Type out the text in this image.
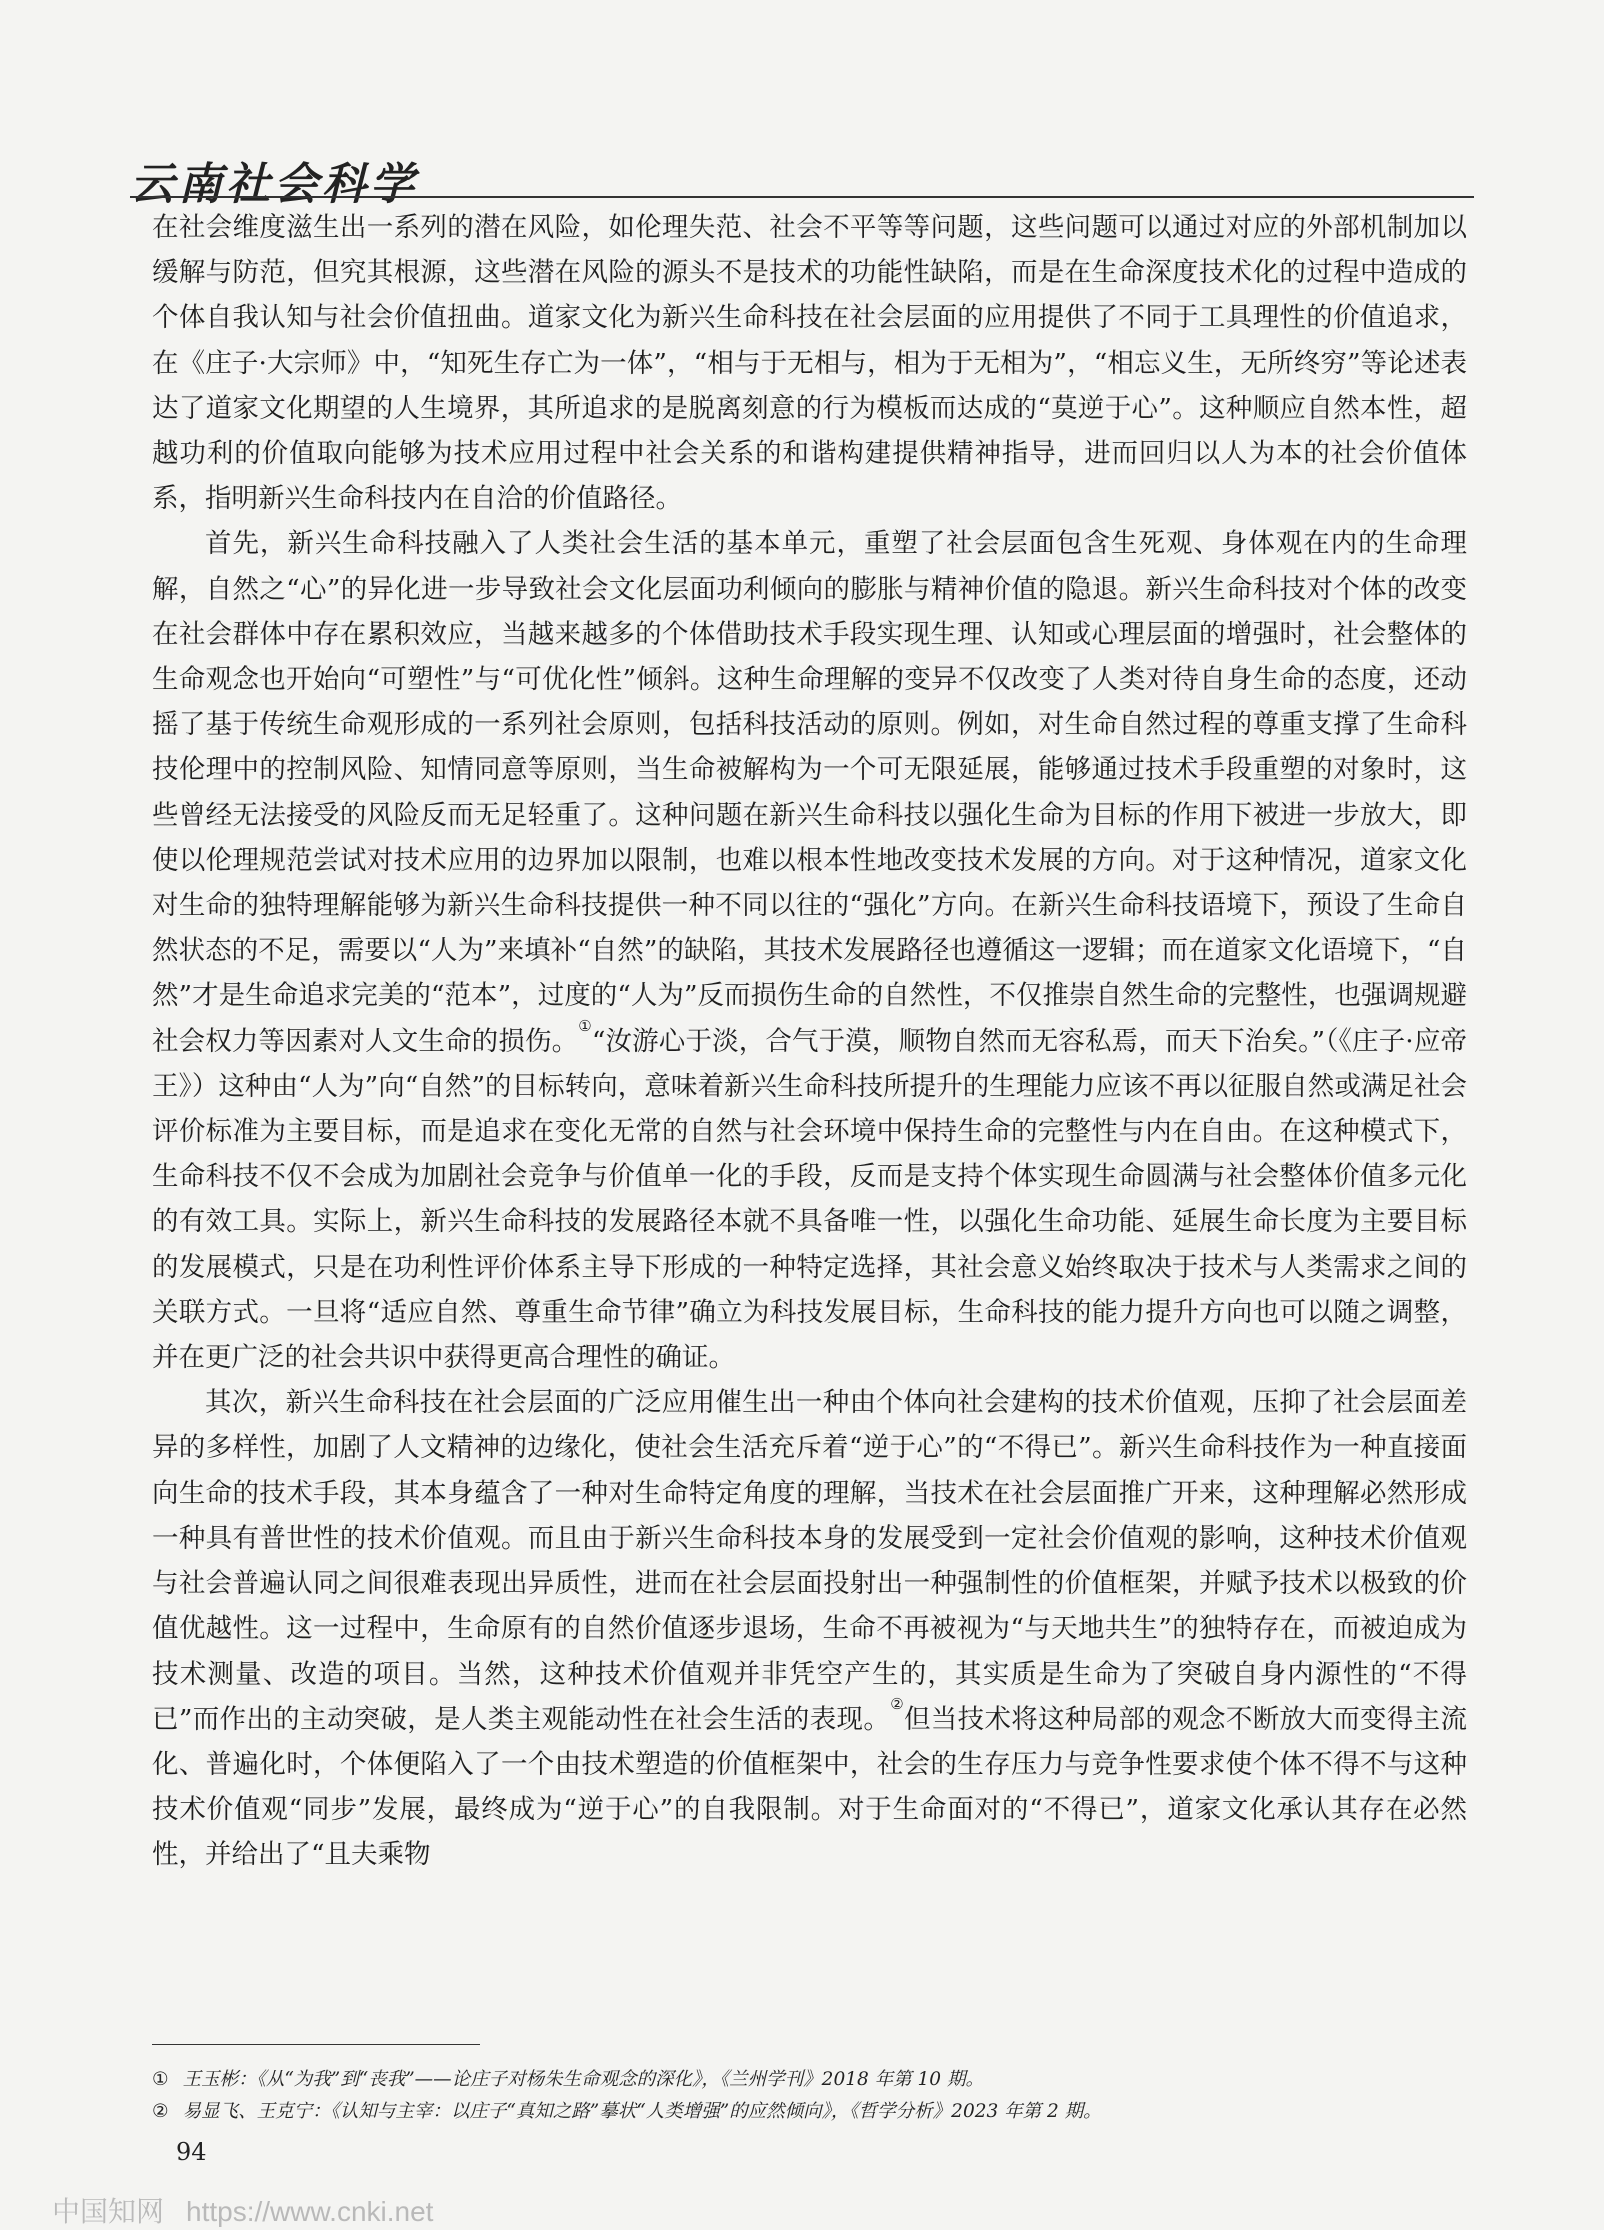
云南社会科学

在社会维度滋生出一系列的潜在风险，如伦理失范、社会不平等等问题，这些问题可以通过对应的外部机制加以缓解与防范，但究其根源，这些潜在风险的源头不是技术的功能性缺陷，而是在生命深度技术化的过程中造成的个体自我认知与社会价值扭曲。道家文化为新兴生命科技在社会层面的应用提供了不同于工具理性的价值追求，在《庄子·大宗师》中，“知死生存亡为一体”，“相与于无相与，相为于无相为”，“相忘义生，无所终穷”等论述表达了道家文化期望的人生境界，其所追求的是脱离刻意的行为模板而达成的“莫逆于心”。这种顺应自然本性，超越功利的价值取向能够为技术应用过程中社会关系的和谐构建提供精神指导，进而回归以人为本的社会价值体系，指明新兴生命科技内在自洽的价值路径。

首先，新兴生命科技融入了人类社会生活的基本单元，重塑了社会层面包含生死观、身体观在内的生命理解，自然之“心”的异化进一步导致社会文化层面功利倾向的膨胀与精神价值的隐退。新兴生命科技对个体的改变在社会群体中存在累积效应，当越来越多的个体借助技术手段实现生理、认知或心理层面的增强时，社会整体的生命观念也开始向“可塑性”与“可优化性”倾斜。这种生命理解的变异不仅改变了人类对待自身生命的态度，还动摇了基于传统生命观形成的一系列社会原则，包括科技活动的原则。例如，对生命自然过程的尊重支撑了生命科技伦理中的控制风险、知情同意等原则，当生命被解构为一个可无限延展，能够通过技术手段重塑的对象时，这些曾经无法接受的风险反而无足轻重了。这种问题在新兴生命科技以强化生命为目标的作用下被进一步放大，即使以伦理规范尝试对技术应用的边界加以限制，也难以根本性地改变技术发展的方向。对于这种情况，道家文化对生命的独特理解能够为新兴生命科技提供一种不同以往的“强化”方向。在新兴生命科技语境下，预设了生命自然状态的不足，需要以“人为”来填补“自然”的缺陷，其技术发展路径也遵循这一逻辑；而在道家文化语境下，“自然”才是生命追求完美的“范本”，过度的“人为”反而损伤生命的自然性，不仅推崇自然生命的完整性，也强调规避社会权力等因素对人文生命的损伤。①“汝游心于淡，合气于漠，顺物自然而无容私焉，而天下治矣。”（《庄子·应帝王》）这种由“人为”向“自然”的目标转向，意味着新兴生命科技所提升的生理能力应该不再以征服自然或满足社会评价标准为主要目标，而是追求在变化无常的自然与社会环境中保持生命的完整性与内在自由。在这种模式下，生命科技不仅不会成为加剧社会竞争与价值单一化的手段，反而是支持个体实现生命圆满与社会整体价值多元化的有效工具。实际上，新兴生命科技的发展路径本就不具备唯一性，以强化生命功能、延展生命长度为主要目标的发展模式，只是在功利性评价体系主导下形成的一种特定选择，其社会意义始终取决于技术与人类需求之间的关联方式。一旦将“适应自然、尊重生命节律”确立为科技发展目标，生命科技的能力提升方向也可以随之调整，并在更广泛的社会共识中获得更高合理性的确证。

其次，新兴生命科技在社会层面的广泛应用催生出一种由个体向社会建构的技术价值观，压抑了社会层面差异的多样性，加剧了人文精神的边缘化，使社会生活充斥着“逆于心”的“不得已”。新兴生命科技作为一种直接面向生命的技术手段，其本身蕴含了一种对生命特定角度的理解，当技术在社会层面推广开来，这种理解必然形成一种具有普世性的技术价值观。而且由于新兴生命科技本身的发展受到一定社会价值观的影响，这种技术价值观与社会普遍认同之间很难表现出异质性，进而在社会层面投射出一种强制性的价值框架，并赋予技术以极致的价值优越性。这一过程中，生命原有的自然价值逐步退场，生命不再被视为“与天地共生”的独特存在，而被迫成为技术测量、改造的项目。当然，这种技术价值观并非凭空产生的，其实质是生命为了突破自身内源性的“不得已”而作出的主动突破，是人类主观能动性在社会生活的表现。②但当技术将这种局部的观念不断放大而变得主流化、普遍化时，个体便陷入了一个由技术塑造的价值框架中，社会的生存压力与竞争性要求使个体不得不与这种技术价值观“同步”发展，最终成为“逆于心”的自我限制。对于生命面对的“不得已”，道家文化承认其存在必然性，并给出了“且夫乘物

① 王玉彬：《从“为我”到“丧我”——论庄子对杨朱生命观念的深化》，《兰州学刊》2018 年第 10 期。
② 易显飞、王克宁：《认知与主宰：以庄子“真知之路”摹状“人类增强”的应然倾向》，《哲学分析》2023 年第 2 期。
94
中国知网 https://www.cnki.net
